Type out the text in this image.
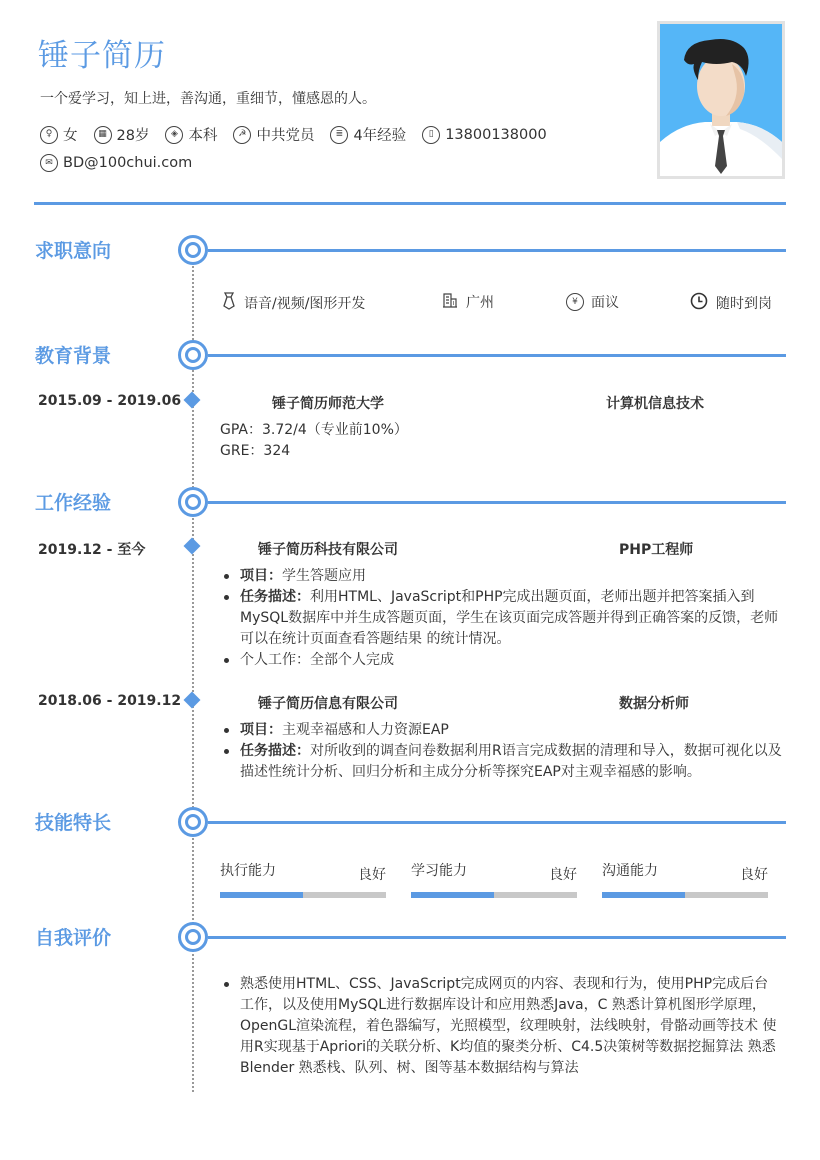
锤子简历
一个爱学习，知上进，善沟通，重细节，懂感恩的人。
♀ 女	▦ 28岁	◈ 本科	☭ 中共党员	≣ 4年经验	▯ 13800138000
✉ BD@100chui.com
求职意向
语音/视频/图形开发	广州	¥ 面议	随时到岗
教育背景
2015.09 - 2019.06	锤子简历师范大学	计算机信息技术
GPA：3.72/4（专业前10%）
GRE：324
工作经验
2019.12 - 至今	锤子简历科技有限公司	PHP工程师
项目：学生答题应用
任务描述：利用HTML、JavaScript和PHP完成出题页面，老师出题并把答案插入到MySQL数据库中并生成答题页面，学生在该页面完成答题并得到正确答案的反馈，老师可以在统计页面查看答题结果 的统计情况。
个人工作：全部个人完成
2018.06 - 2019.12	锤子简历信息有限公司	数据分析师
项目：主观幸福感和人力资源EAP
任务描述：对所收到的调查问卷数据利用R语言完成数据的清理和导入，数据可视化以及描述性统计分析、回归分析和主成分分析等探究EAP对主观幸福感的影响。
技能特长
执行能力	良好 学习能力	良好 沟通能力	良好
自我评价
熟悉使用HTML、CSS、JavaScript完成网页的内容、表现和行为，使用PHP完成后台工作，以及使用MySQL进行数据库设计和应用熟悉Java，C 熟悉计算机图形学原理，OpenGL渲染流程，着色器编写，光照模型，纹理映射，法线映射，骨骼动画等技术 使用R实现基于Apriori的关联分析、K均值的聚类分析、C4.5决策树等数据挖掘算法 熟悉Blender 熟悉栈、队列、树、图等基本数据结构与算法
